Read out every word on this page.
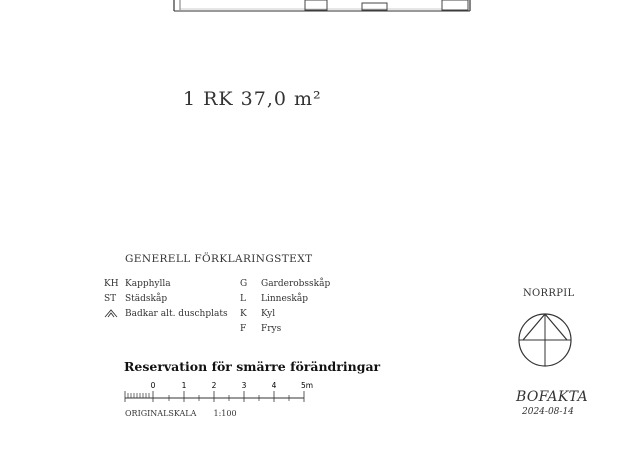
1 RK 37,0 m²
GENERELL FÖRKLARINGSTEXT
KH Kapphylla
ST Städskåp
Badkar alt. duschplats
G	Garderobsskåp
L	Linneskåp
K	Kyl
F	Frys
Reservation för smärre förändringar
0	1	2	3	4	5m
ORIGINALSKALA 1:100
NORRPIL
BOFAKTA
2024-08-14
